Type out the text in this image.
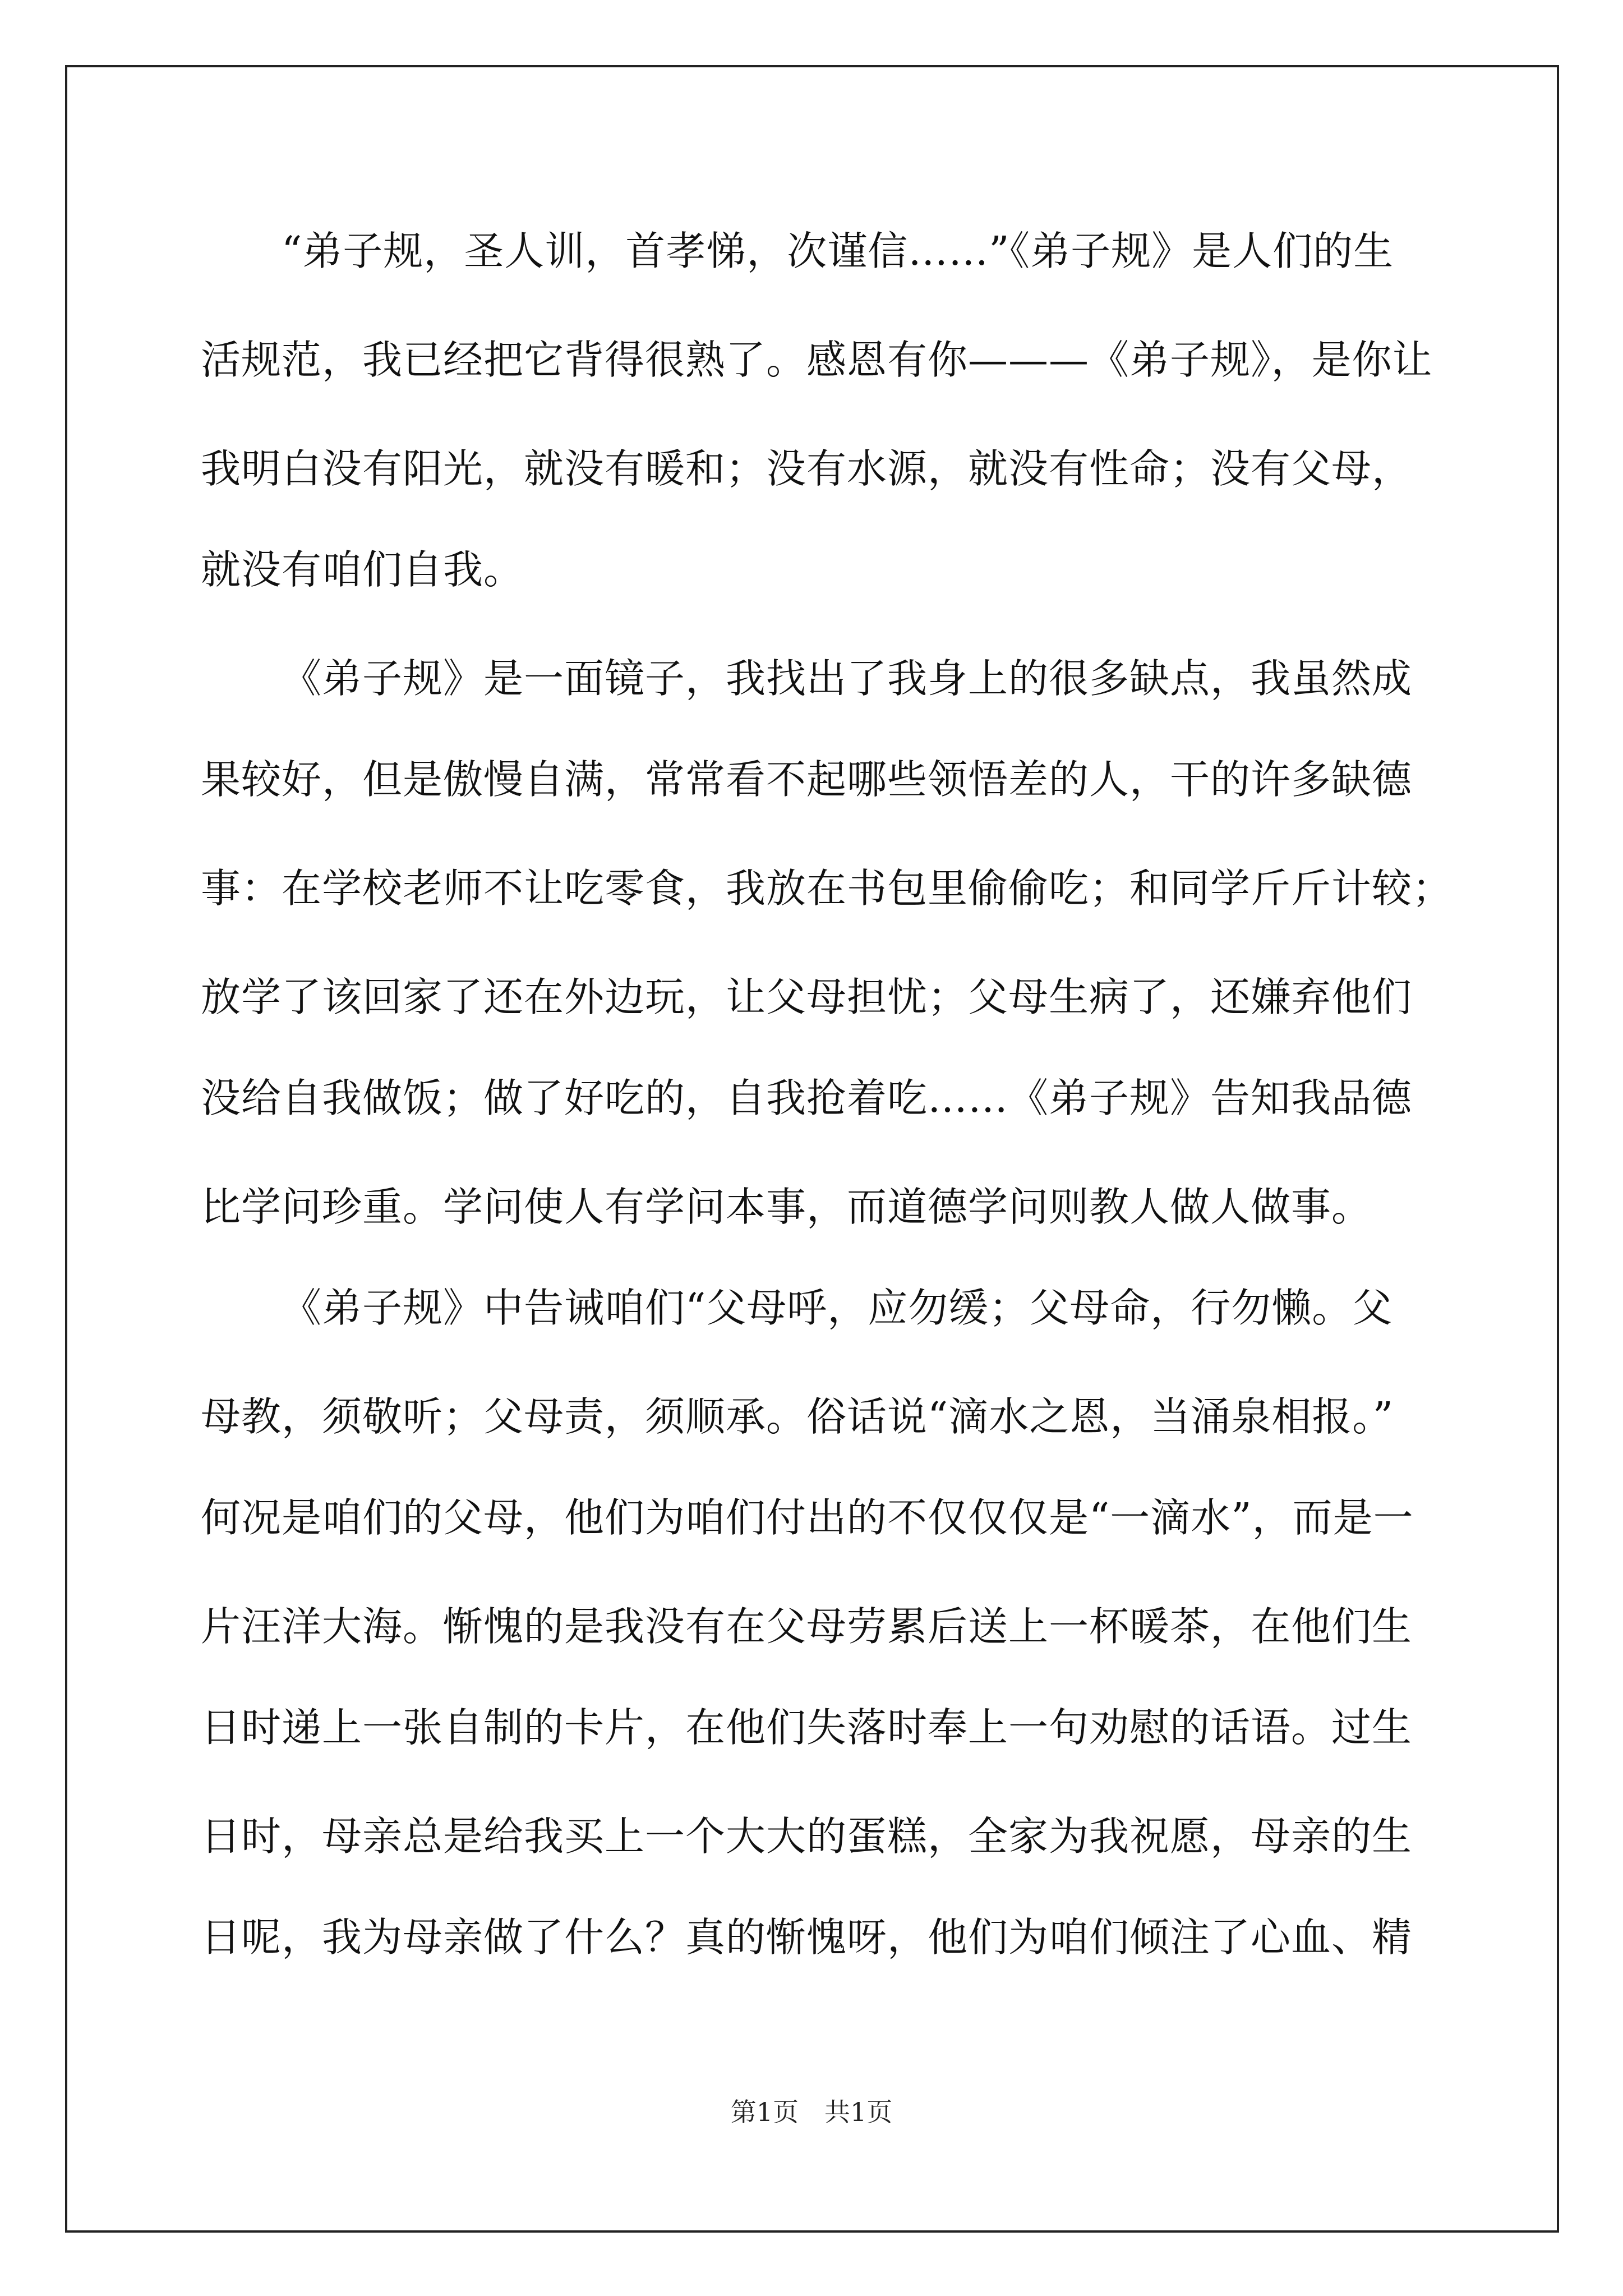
“弟子规，圣人训，首孝悌，次谨信……”《弟子规》是人们的生
活规范，我已经把它背得很熟了。感恩有你———《弟子规》，是你让
我明白没有阳光，就没有暖和；没有水源，就没有性命；没有父母，
就没有咱们自我。
《弟子规》是一面镜子，我找出了我身上的很多缺点，我虽然成
果较好，但是傲慢自满，常常看不起哪些领悟差的人，干的许多缺德
事：在学校老师不让吃零食，我放在书包里偷偷吃；和同学斤斤计较；
放学了该回家了还在外边玩，让父母担忧；父母生病了，还嫌弃他们
没给自我做饭；做了好吃的，自我抢着吃……《弟子规》告知我品德
比学问珍重。学问使人有学问本事，而道德学问则教人做人做事。
《弟子规》中告诫咱们“父母呼，应勿缓；父母命，行勿懒。父
母教，须敬听；父母责，须顺承。俗话说“滴水之恩，当涌泉相报。”
何况是咱们的父母，他们为咱们付出的不仅仅仅是“一滴水”，而是一
片汪洋大海。惭愧的是我没有在父母劳累后送上一杯暖茶，在他们生
日时递上一张自制的卡片，在他们失落时奉上一句劝慰的话语。过生
日时，母亲总是给我买上一个大大的蛋糕，全家为我祝愿，母亲的生
日呢，我为母亲做了什么？真的惭愧呀，他们为咱们倾注了心血、精
第1页　共1页
